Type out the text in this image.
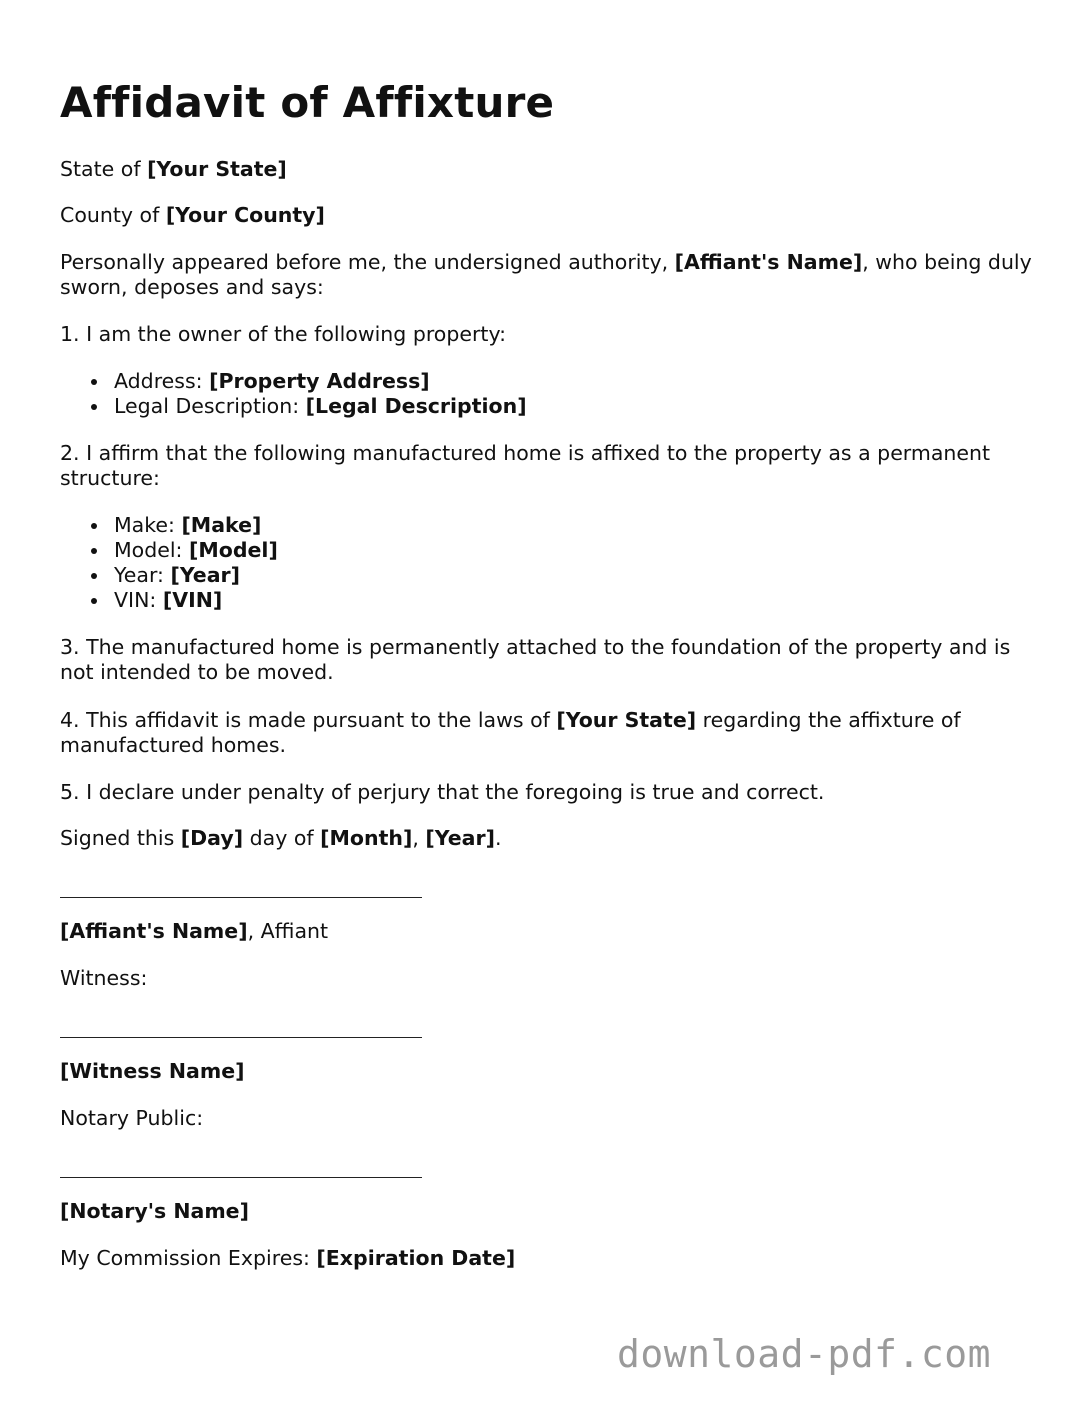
Affidavit of Affixture

State of [Your State]

County of [Your County]

Personally appeared before me, the undersigned authority, [Affiant's Name], who being duly sworn, deposes and says:

1. I am the owner of the following property:

Address: [Property Address]
Legal Description: [Legal Description]

2. I affirm that the following manufactured home is affixed to the property as a permanent structure:

Make: [Make]
Model: [Model]
Year: [Year]
VIN: [VIN]

3. The manufactured home is permanently attached to the foundation of the property and is not intended to be moved.

4. This affidavit is made pursuant to the laws of [Your State] regarding the affixture of manufactured homes.

5. I declare under penalty of perjury that the foregoing is true and correct.

Signed this [Day] day of [Month], [Year].

[Affiant's Name], Affiant

Witness:

[Witness Name]

Notary Public:

[Notary's Name]

My Commission Expires: [Expiration Date]

download-pdf.com
